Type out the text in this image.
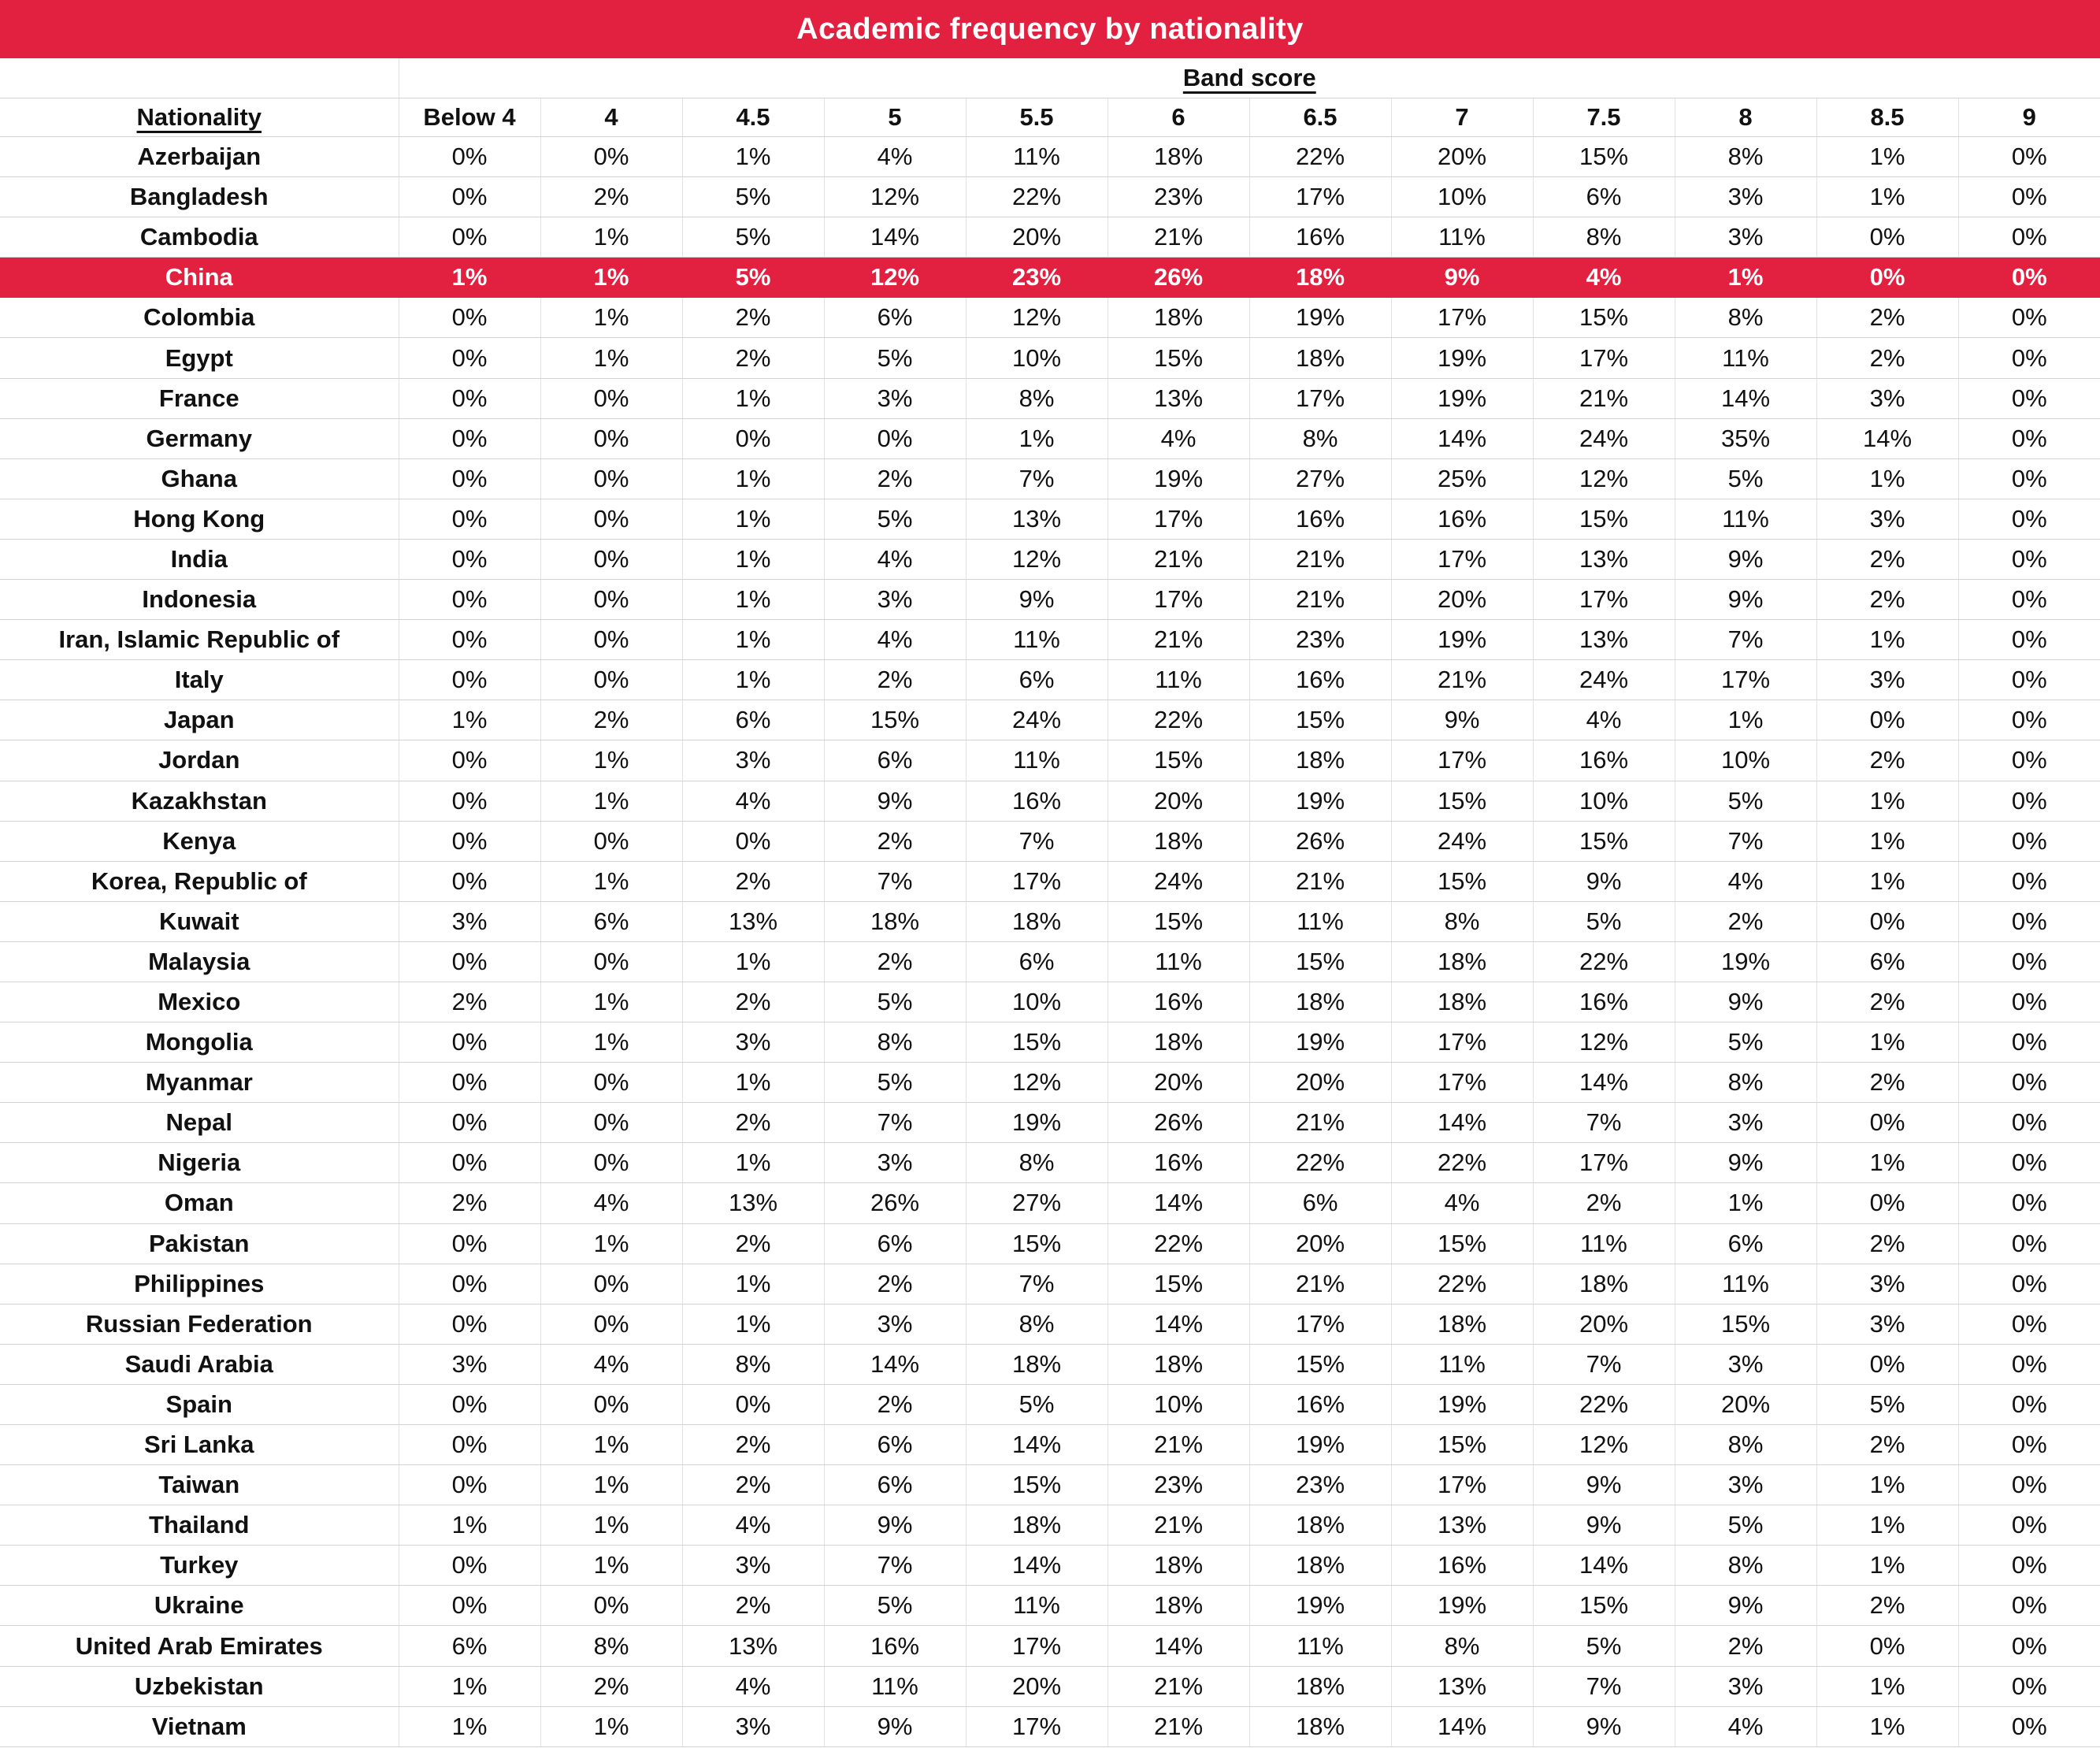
Academic frequency by nationality
	Band score											
Nationality	Below 4	4	4.5	5	5.5	6	6.5	7	7.5	8	8.5	9
Azerbaijan	0%	0%	1%	4%	11%	18%	22%	20%	15%	8%	1%	0%
Bangladesh	0%	2%	5%	12%	22%	23%	17%	10%	6%	3%	1%	0%
Cambodia	0%	1%	5%	14%	20%	21%	16%	11%	8%	3%	0%	0%
China	1%	1%	5%	12%	23%	26%	18%	9%	4%	1%	0%	0%
Colombia	0%	1%	2%	6%	12%	18%	19%	17%	15%	8%	2%	0%
Egypt	0%	1%	2%	5%	10%	15%	18%	19%	17%	11%	2%	0%
France	0%	0%	1%	3%	8%	13%	17%	19%	21%	14%	3%	0%
Germany	0%	0%	0%	0%	1%	4%	8%	14%	24%	35%	14%	0%
Ghana	0%	0%	1%	2%	7%	19%	27%	25%	12%	5%	1%	0%
Hong Kong	0%	0%	1%	5%	13%	17%	16%	16%	15%	11%	3%	0%
India	0%	0%	1%	4%	12%	21%	21%	17%	13%	9%	2%	0%
Indonesia	0%	0%	1%	3%	9%	17%	21%	20%	17%	9%	2%	0%
Iran, Islamic Republic of	0%	0%	1%	4%	11%	21%	23%	19%	13%	7%	1%	0%
Italy	0%	0%	1%	2%	6%	11%	16%	21%	24%	17%	3%	0%
Japan	1%	2%	6%	15%	24%	22%	15%	9%	4%	1%	0%	0%
Jordan	0%	1%	3%	6%	11%	15%	18%	17%	16%	10%	2%	0%
Kazakhstan	0%	1%	4%	9%	16%	20%	19%	15%	10%	5%	1%	0%
Kenya	0%	0%	0%	2%	7%	18%	26%	24%	15%	7%	1%	0%
Korea, Republic of	0%	1%	2%	7%	17%	24%	21%	15%	9%	4%	1%	0%
Kuwait	3%	6%	13%	18%	18%	15%	11%	8%	5%	2%	0%	0%
Malaysia	0%	0%	1%	2%	6%	11%	15%	18%	22%	19%	6%	0%
Mexico	2%	1%	2%	5%	10%	16%	18%	18%	16%	9%	2%	0%
Mongolia	0%	1%	3%	8%	15%	18%	19%	17%	12%	5%	1%	0%
Myanmar	0%	0%	1%	5%	12%	20%	20%	17%	14%	8%	2%	0%
Nepal	0%	0%	2%	7%	19%	26%	21%	14%	7%	3%	0%	0%
Nigeria	0%	0%	1%	3%	8%	16%	22%	22%	17%	9%	1%	0%
Oman	2%	4%	13%	26%	27%	14%	6%	4%	2%	1%	0%	0%
Pakistan	0%	1%	2%	6%	15%	22%	20%	15%	11%	6%	2%	0%
Philippines	0%	0%	1%	2%	7%	15%	21%	22%	18%	11%	3%	0%
Russian Federation	0%	0%	1%	3%	8%	14%	17%	18%	20%	15%	3%	0%
Saudi Arabia	3%	4%	8%	14%	18%	18%	15%	11%	7%	3%	0%	0%
Spain	0%	0%	0%	2%	5%	10%	16%	19%	22%	20%	5%	0%
Sri Lanka	0%	1%	2%	6%	14%	21%	19%	15%	12%	8%	2%	0%
Taiwan	0%	1%	2%	6%	15%	23%	23%	17%	9%	3%	1%	0%
Thailand	1%	1%	4%	9%	18%	21%	18%	13%	9%	5%	1%	0%
Turkey	0%	1%	3%	7%	14%	18%	18%	16%	14%	8%	1%	0%
Ukraine	0%	0%	2%	5%	11%	18%	19%	19%	15%	9%	2%	0%
United Arab Emirates	6%	8%	13%	16%	17%	14%	11%	8%	5%	2%	0%	0%
Uzbekistan	1%	2%	4%	11%	20%	21%	18%	13%	7%	3%	1%	0%
Vietnam	1%	1%	3%	9%	17%	21%	18%	14%	9%	4%	1%	0%
